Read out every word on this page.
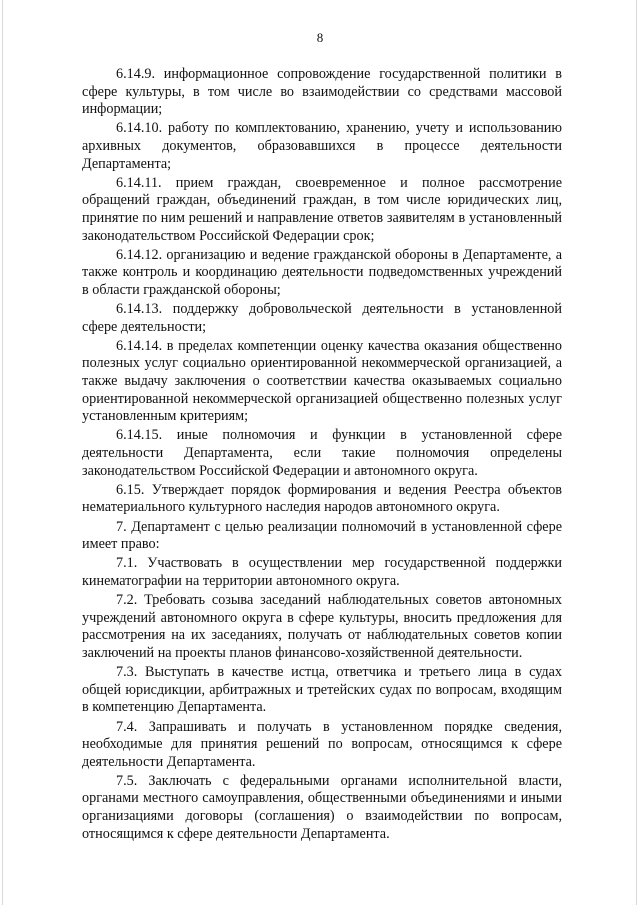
8

6.14.9. информационное сопровождение государственной политики в сфере культуры, в том числе во взаимодействии со средствами массовой информации;

6.14.10. работу по комплектованию, хранению, учету и использованию архивных документов, образовавшихся в процессе деятельности Департамента;

6.14.11. прием граждан, своевременное и полное рассмотрение обращений граждан, объединений граждан, в том числе юридических лиц, принятие по ним решений и направление ответов заявителям в установленный законодательством Российской Федерации срок;

6.14.12. организацию и ведение гражданской обороны в Департаменте, а также контроль и координацию деятельности подведомственных учреждений в области гражданской обороны;

6.14.13. поддержку добровольческой деятельности в установленной сфере деятельности;

6.14.14. в пределах компетенции оценку качества оказания общественно полезных услуг социально ориентированной некоммерческой организацией, а также выдачу заключения о соответствии качества оказываемых социально ориентированной некоммерческой организацией общественно полезных услуг установленным критериям;

6.14.15. иные полномочия и функции в установленной сфере деятельности Департамента, если такие полномочия определены законодательством Российской Федерации и автономного округа.

6.15. Утверждает порядок формирования и ведения Реестра объектов нематериального культурного наследия народов автономного округа.

7. Департамент с целью реализации полномочий в установленной сфере имеет право:

7.1. Участвовать в осуществлении мер государственной поддержки кинематографии на территории автономного округа.

7.2. Требовать созыва заседаний наблюдательных советов автономных учреждений автономного округа в сфере культуры, вносить предложения для рассмотрения на их заседаниях, получать от наблюдательных советов копии заключений на проекты планов финансово-хозяйственной деятельности.

7.3. Выступать в качестве истца, ответчика и третьего лица в судах общей юрисдикции, арбитражных и третейских судах по вопросам, входящим в компетенцию Департамента.

7.4. Запрашивать и получать в установленном порядке сведения, необходимые для принятия решений по вопросам, относящимся к сфере деятельности Департамента.

7.5. Заключать с федеральными органами исполнительной власти, органами местного самоуправления, общественными объединениями и иными организациями договоры (соглашения) о взаимодействии по вопросам, относящимся к сфере деятельности Департамента.
